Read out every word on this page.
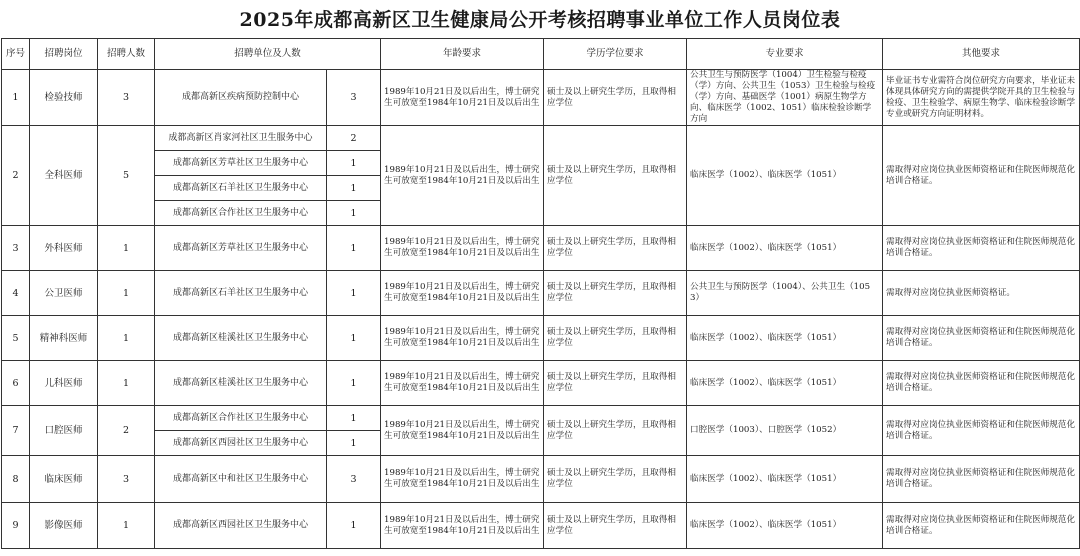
2025年成都高新区卫生健康局公开考核招聘事业单位工作人员岗位表
序号	招聘岗位	招聘人数	招聘单位及人数		年龄要求	学历学位要求	专业要求	其他要求
1	检验技师	3	成都高新区疾病预防控制中心	3	1989年10月21日及以后出生，博士研究生可放宽至1984年10月21日及以后出生	硕士及以上研究生学历，且取得相应学位	公共卫生与预防医学（1004）卫生检验与检疫（学）方向、公共卫生（1053）卫生检验与检疫（学）方向、基础医学（1001）病原生物学方向、临床医学（1002、1051）临床检验诊断学方向	毕业证书专业需符合岗位研究方向要求，毕业证未体现具体研究方向的需提供学院开具的卫生检验与检疫、卫生检验学、病原生物学、临床检验诊断学专业或研究方向证明材料。
2	全科医师	5	成都高新区肖家河社区卫生服务中心	2	1989年10月21日及以后出生，博士研究生可放宽至1984年10月21日及以后出生	硕士及以上研究生学历，且取得相应学位	临床医学（1002）、临床医学（1051）	需取得对应岗位执业医师资格证和住院医师规范化培训合格证。
			成都高新区芳草社区卫生服务中心	1				
			成都高新区石羊社区卫生服务中心	1				
			成都高新区合作社区卫生服务中心	1				
3	外科医师	1	成都高新区芳草社区卫生服务中心	1	1989年10月21日及以后出生，博士研究生可放宽至1984年10月21日及以后出生	硕士及以上研究生学历，且取得相应学位	临床医学（1002）、临床医学（1051）	需取得对应岗位执业医师资格证和住院医师规范化培训合格证。
4	公卫医师	1	成都高新区石羊社区卫生服务中心	1	1989年10月21日及以后出生，博士研究生可放宽至1984年10月21日及以后出生	硕士及以上研究生学历，且取得相应学位	公共卫生与预防医学（1004）、公共卫生（1053）	需取得对应岗位执业医师资格证。
5	精神科医师	1	成都高新区桂溪社区卫生服务中心	1	1989年10月21日及以后出生，博士研究生可放宽至1984年10月21日及以后出生	硕士及以上研究生学历，且取得相应学位	临床医学（1002）、临床医学（1051）	需取得对应岗位执业医师资格证和住院医师规范化培训合格证。
6	儿科医师	1	成都高新区桂溪社区卫生服务中心	1	1989年10月21日及以后出生，博士研究生可放宽至1984年10月21日及以后出生	硕士及以上研究生学历，且取得相应学位	临床医学（1002）、临床医学（1051）	需取得对应岗位执业医师资格证和住院医师规范化培训合格证。
7	口腔医师	2	成都高新区合作社区卫生服务中心	1	1989年10月21日及以后出生，博士研究生可放宽至1984年10月21日及以后出生	硕士及以上研究生学历，且取得相应学位	口腔医学（1003）、口腔医学（1052）	需取得对应岗位执业医师资格证和住院医师规范化培训合格证。
			成都高新区西园社区卫生服务中心	1				
8	临床医师	3	成都高新区中和社区卫生服务中心	3	1989年10月21日及以后出生，博士研究生可放宽至1984年10月21日及以后出生	硕士及以上研究生学历，且取得相应学位	临床医学（1002）、临床医学（1051）	需取得对应岗位执业医师资格证和住院医师规范化培训合格证。
9	影像医师	1	成都高新区西园社区卫生服务中心	1	1989年10月21日及以后出生，博士研究生可放宽至1984年10月21日及以后出生	硕士及以上研究生学历，且取得相应学位	临床医学（1002）、临床医学（1051）	需取得对应岗位执业医师资格证和住院医师规范化培训合格证。
